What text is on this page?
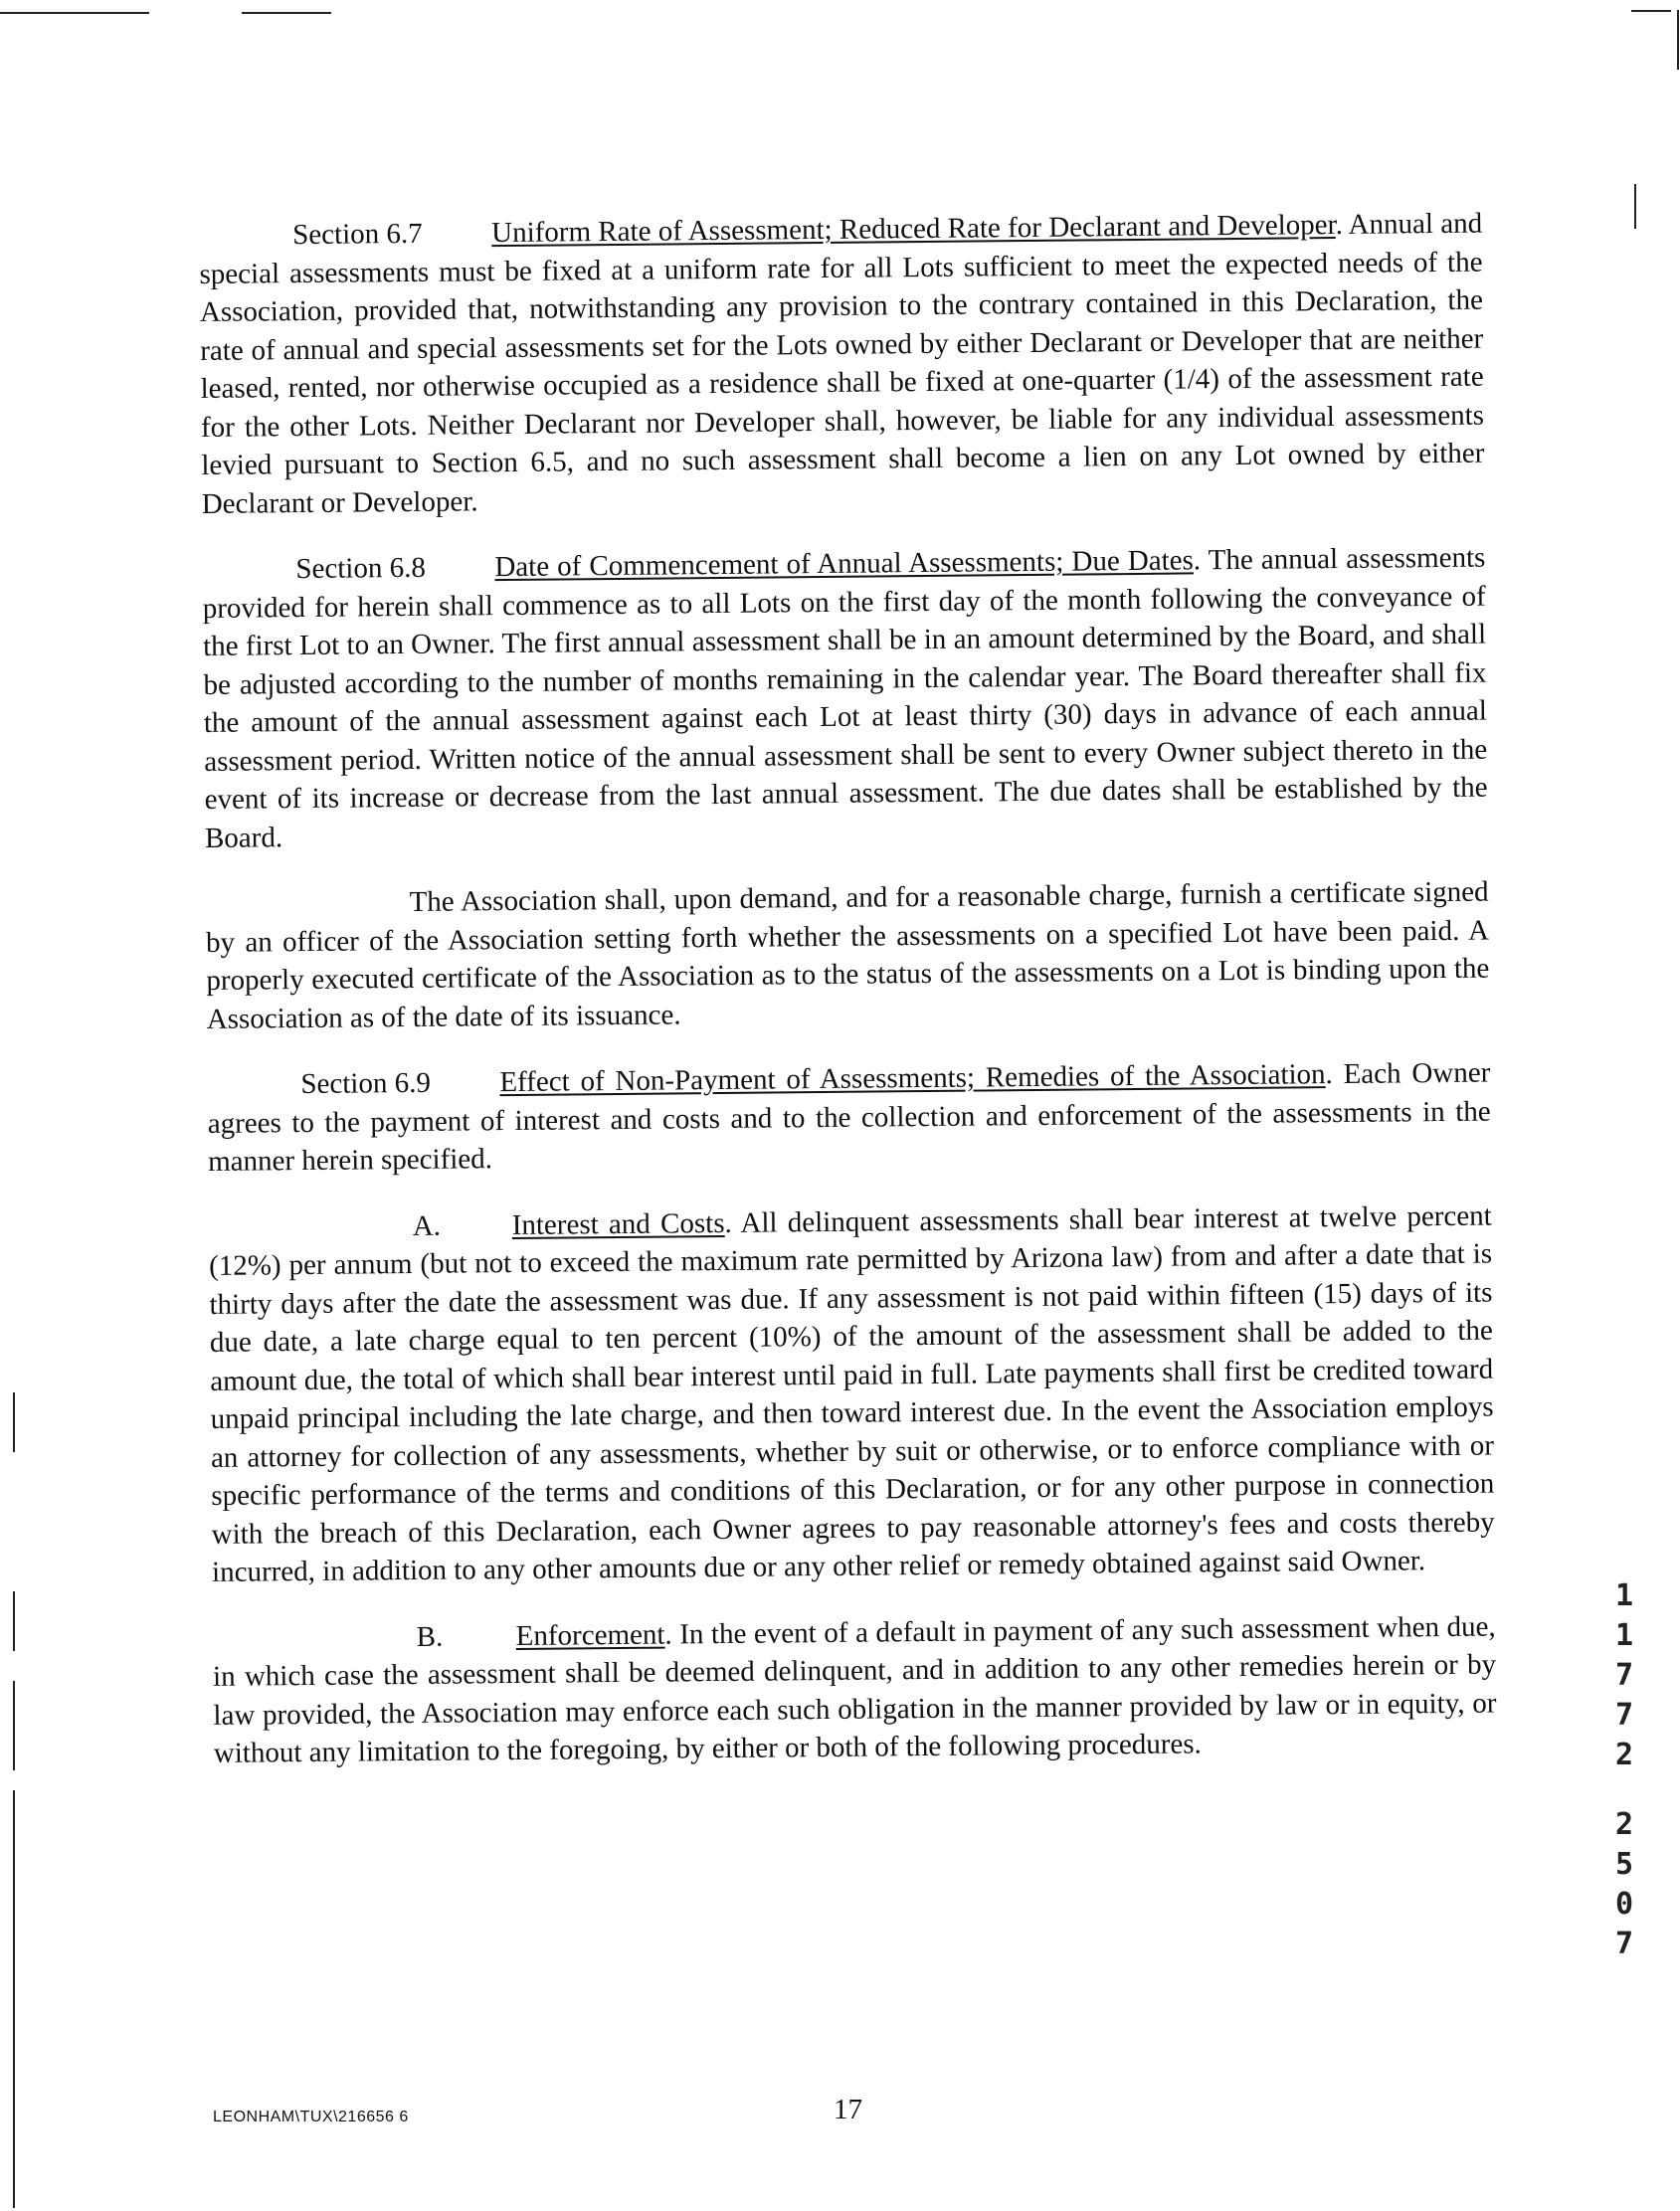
Section 6.7 Uniform Rate of Assessment; Reduced Rate for Declarant and Developer. Annual and special assessments must be fixed at a uniform rate for all Lots sufficient to meet the expected needs of the Association, provided that, notwithstanding any provision to the contrary contained in this Declaration, the rate of annual and special assessments set for the Lots owned by either Declarant or Developer that are neither leased, rented, nor otherwise occupied as a residence shall be fixed at one-quarter (1/4) of the assessment rate for the other Lots. Neither Declarant nor Developer shall, however, be liable for any individual assessments levied pursuant to Section 6.5, and no such assessment shall become a lien on any Lot owned by either Declarant or Developer.

Section 6.8 Date of Commencement of Annual Assessments; Due Dates. The annual assessments provided for herein shall commence as to all Lots on the first day of the month following the conveyance of the first Lot to an Owner. The first annual assessment shall be in an amount determined by the Board, and shall be adjusted according to the number of months remaining in the calendar year. The Board thereafter shall fix the amount of the annual assessment against each Lot at least thirty (30) days in advance of each annual assessment period. Written notice of the annual assessment shall be sent to every Owner subject thereto in the event of its increase or decrease from the last annual assessment. The due dates shall be established by the Board.

The Association shall, upon demand, and for a reasonable charge, furnish a certificate signed by an officer of the Association setting forth whether the assessments on a specified Lot have been paid. A properly executed certificate of the Association as to the status of the assessments on a Lot is binding upon the Association as of the date of its issuance.

Section 6.9 Effect of Non-Payment of Assessments; Remedies of the Association. Each Owner agrees to the payment of interest and costs and to the collection and enforcement of the assessments in the manner herein specified.

A. Interest and Costs. All delinquent assessments shall bear interest at twelve percent (12%) per annum (but not to exceed the maximum rate permitted by Arizona law) from and after a date that is thirty days after the date the assessment was due. If any assessment is not paid within fifteen (15) days of its due date, a late charge equal to ten percent (10%) of the amount of the assessment shall be added to the amount due, the total of which shall bear interest until paid in full. Late payments shall first be credited toward unpaid principal including the late charge, and then toward interest due. In the event the Association employs an attorney for collection of any assessments, whether by suit or otherwise, or to enforce compliance with or specific performance of the terms and conditions of this Declaration, or for any other purpose in connection with the breach of this Declaration, each Owner agrees to pay reasonable attorney's fees and costs thereby incurred, in addition to any other amounts due or any other relief or remedy obtained against said Owner.

B.	Enforcement. In the event of a default in payment of any such assessment when due, in which case the assessment shall be deemed delinquent, and in addition to any other remedies herein or by law provided, the Association may enforce each such obligation in the manner provided by law or in equity, or without any limitation to the foregoing, by either or both of the following procedures.

1
1
7
7
2
2
5
0
7
LEONHAM\TUX\216656 6	17
